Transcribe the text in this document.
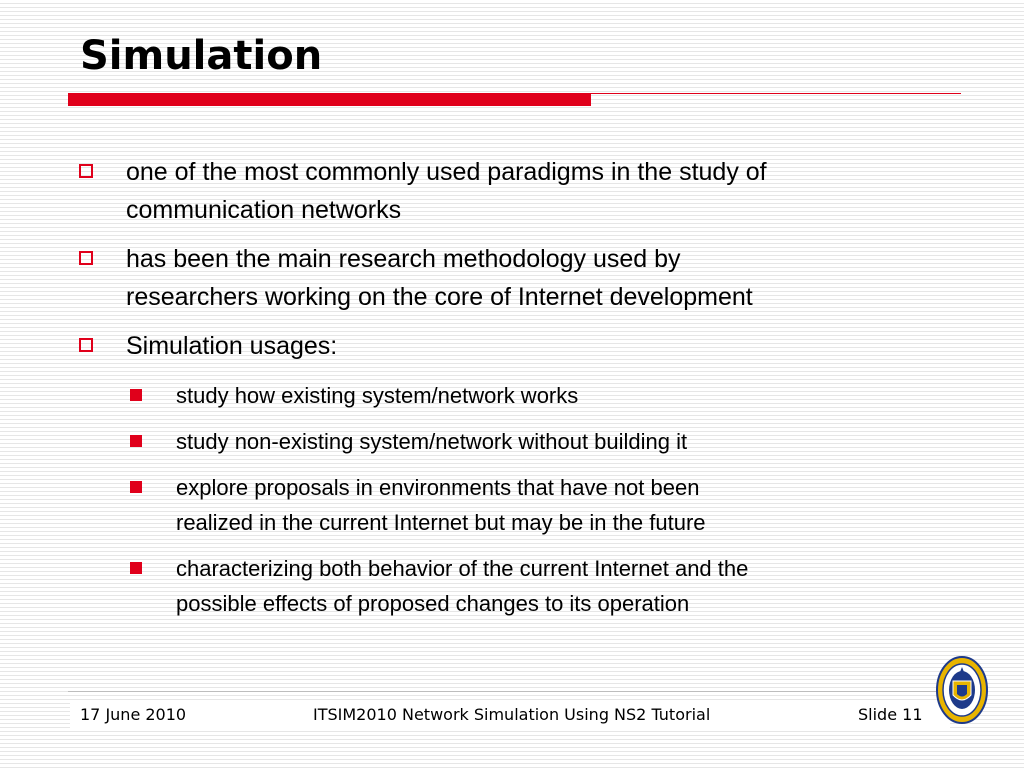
Simulation
one of the most commonly used paradigms in the study of
communication networks
has been the main research methodology used by
researchers working on the core of Internet development
Simulation usages:
study how existing system/network works
study non-existing system/network without building it
explore proposals in environments that have not been
realized in the current Internet but may be in the future
characterizing both behavior of the current Internet and the
possible effects of proposed changes to its operation
17 June 2010	ITSIM2010 Network Simulation Using NS2 Tutorial	Slide 11
